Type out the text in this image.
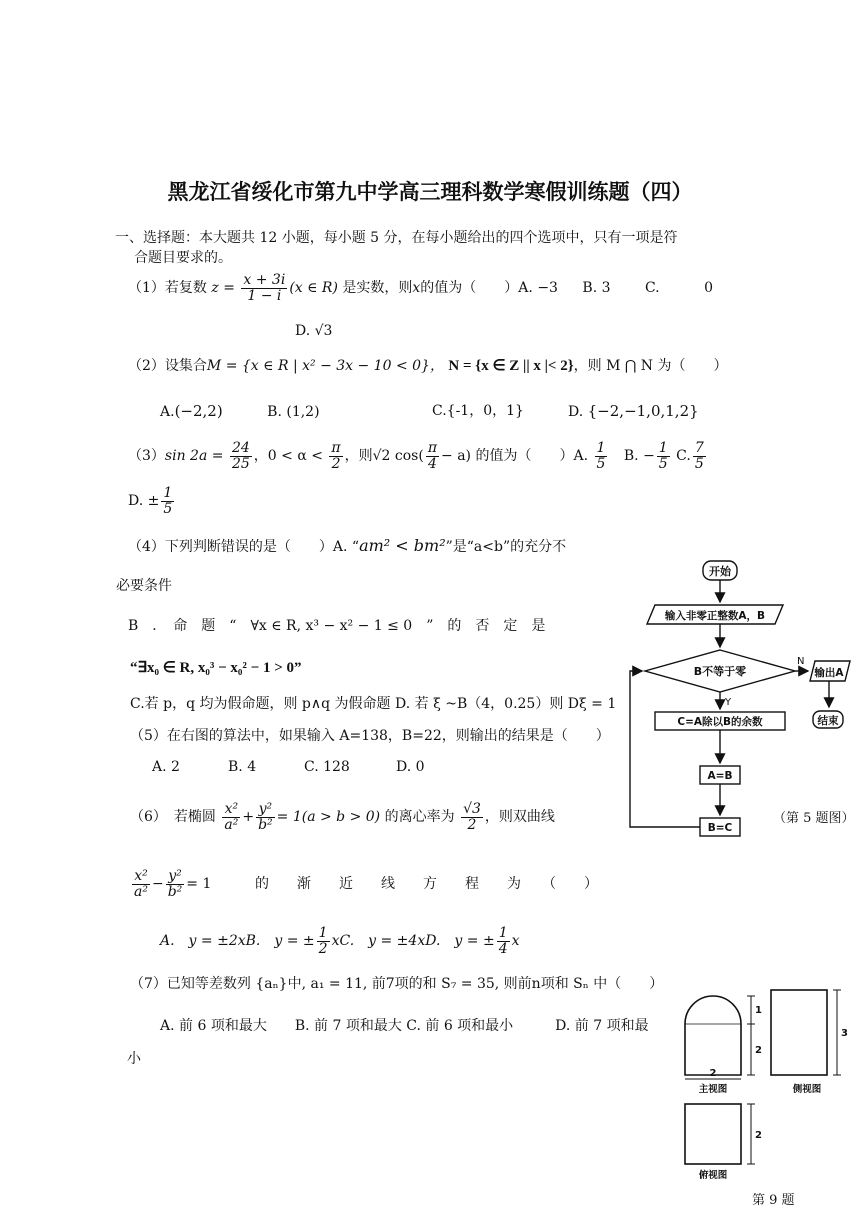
黑龙江省绥化市第九中学高三理科数学寒假训练题（四）
一、选择题：本大题共 12 小题，每小题 5 分，在每小题给出的四个选项中，只有一项是符
合题目要求的。
（1）若复数 $z = \frac{x + 3i}{1 - i} (x$ ∈ R) 是实数，则x的值为（　　）A. −3 B. 3 C.	0
D. √3
（2）设集合M = {x ∈ R | x² − 3x − 10 < 0}， N = {x ∈ Z || x |< 2}，则 M ⋂ N 为（　　）
A.(−2,2)	B. (1,2)	C.{-1，0，1}	D. {−2,−1,0,1,2}
（3）sin $2a = \frac{24}{25}$ ，$0 < \alpha < \frac{\pi}{2}$ ，则√2 $\cos( \frac{\pi}{4} - a)$ 的值为（　　）A. $\frac{1}{5} B$. − $\frac{1}{5} C$. $\frac{7}{5}$
D. ± $\frac{1}{5}$
（4）下列判断错误的是（　　）A. “am² < bm²”是“a<b”的充分不
必要条件
B　．　命　题　“　∀x ∈ R, x³ − x² − 1 ≤ 0　”　的　否　定　是
“∃x₀ ∈ R, x₀³ − x₀² − 1 > 0”
C.若 p，q 均为假命题，则 p∧q 为假命题 D. 若 ξ ~B（4，0.25）则 Dξ = 1
（5）在右图的算法中，如果输入 A=138，B=22，则输出的结果是（　　）
A. 2	B. 4	C. 128	D. 0
（6）　若椭圆 $\frac{\text{x²}}{\text{a²}} + \frac{\text{y²}}{\text{b²}} = 1(a > b > 0)$ 的离心率为 $\frac{√3}{2}$ ，则双曲线
$\frac{\text{x²}}{\text{a²}} - \frac{\text{y²}}{\text{b²}} = 1$	的　　渐　　近　　线　　方　　程　　为　　（　　）
A.　y = ±2xB.　y = ± $\frac{1}{2}$ xC.　y = ±4xD.　y = ± $\frac{1}{4}$ x
（7）已知等差数列 {aₙ}中, a₁ = 11, 前7项的和 S₇ = 35, 则前n项和 Sₙ 中（　　）
A. 前 6 项和最大　　B. 前 7 项和最大 C. 前 6 项和最小　　　D. 前 7 项和最
小
开始
输入非零正整数A，B
B不等于零
N
Y
输出A
结束
C=A除以B的余数
A=B
B=C
（第 5 题图）
1
2
2
3
2
主视图	侧视图
俯视图
第 9 题
